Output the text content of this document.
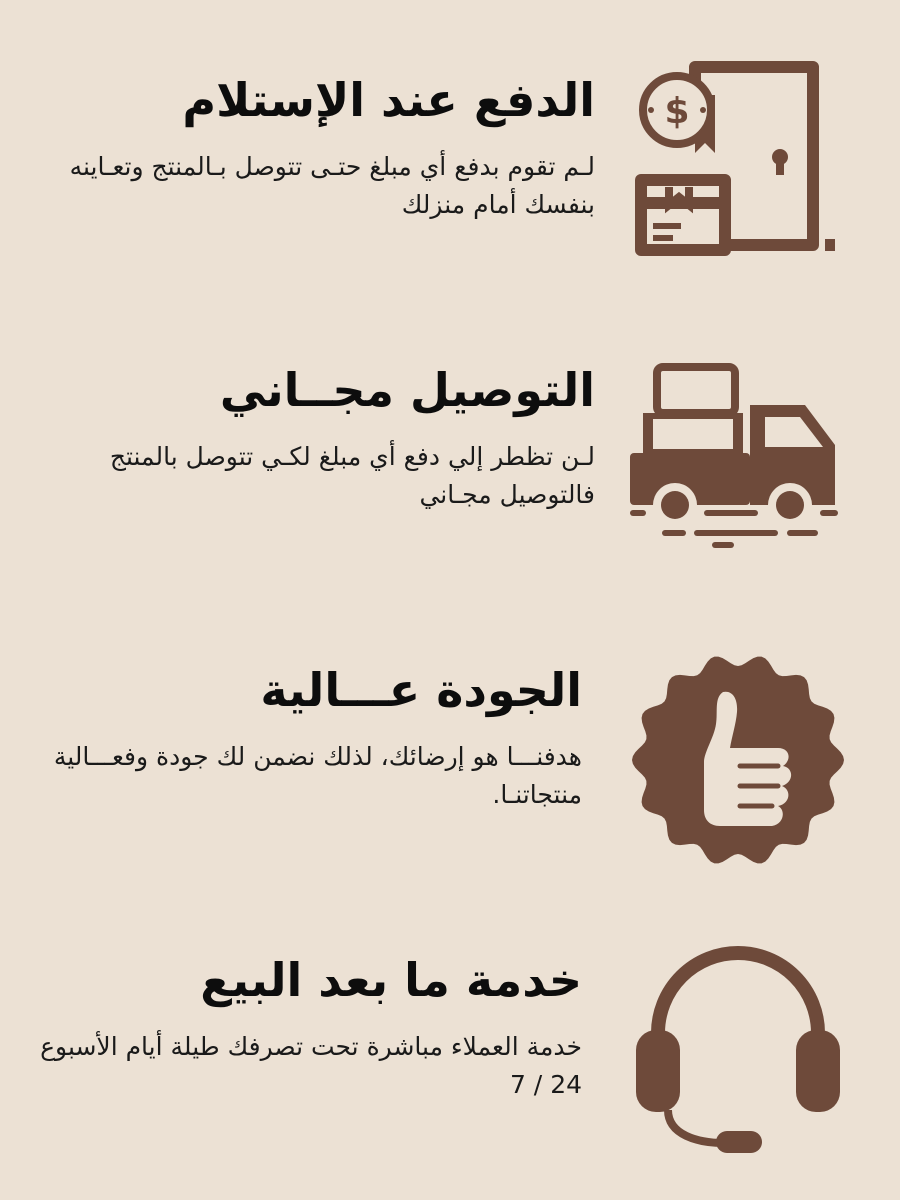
$
الدفع عند الإستلام

لـم تقوم بدفع أي مبلغ حتـى تتوصل بـالمنتج وتعـاينه بنفسك أمام منزلك

التوصيل مجــاني

لـن تظطر إلي دفع أي مبلغ لكـي تتوصل بالمنتج فالتوصيل مجـاني

الجودة عـــالية

هدفنـــا هو إرضائك، لذلك نضمن لك جودة وفعـــالية منتجاتنـا.

خدمة ما بعد البيع

خدمة العملاء مباشرة تحت تصرفك طيلة أيام الأسبوع 24 / 7
